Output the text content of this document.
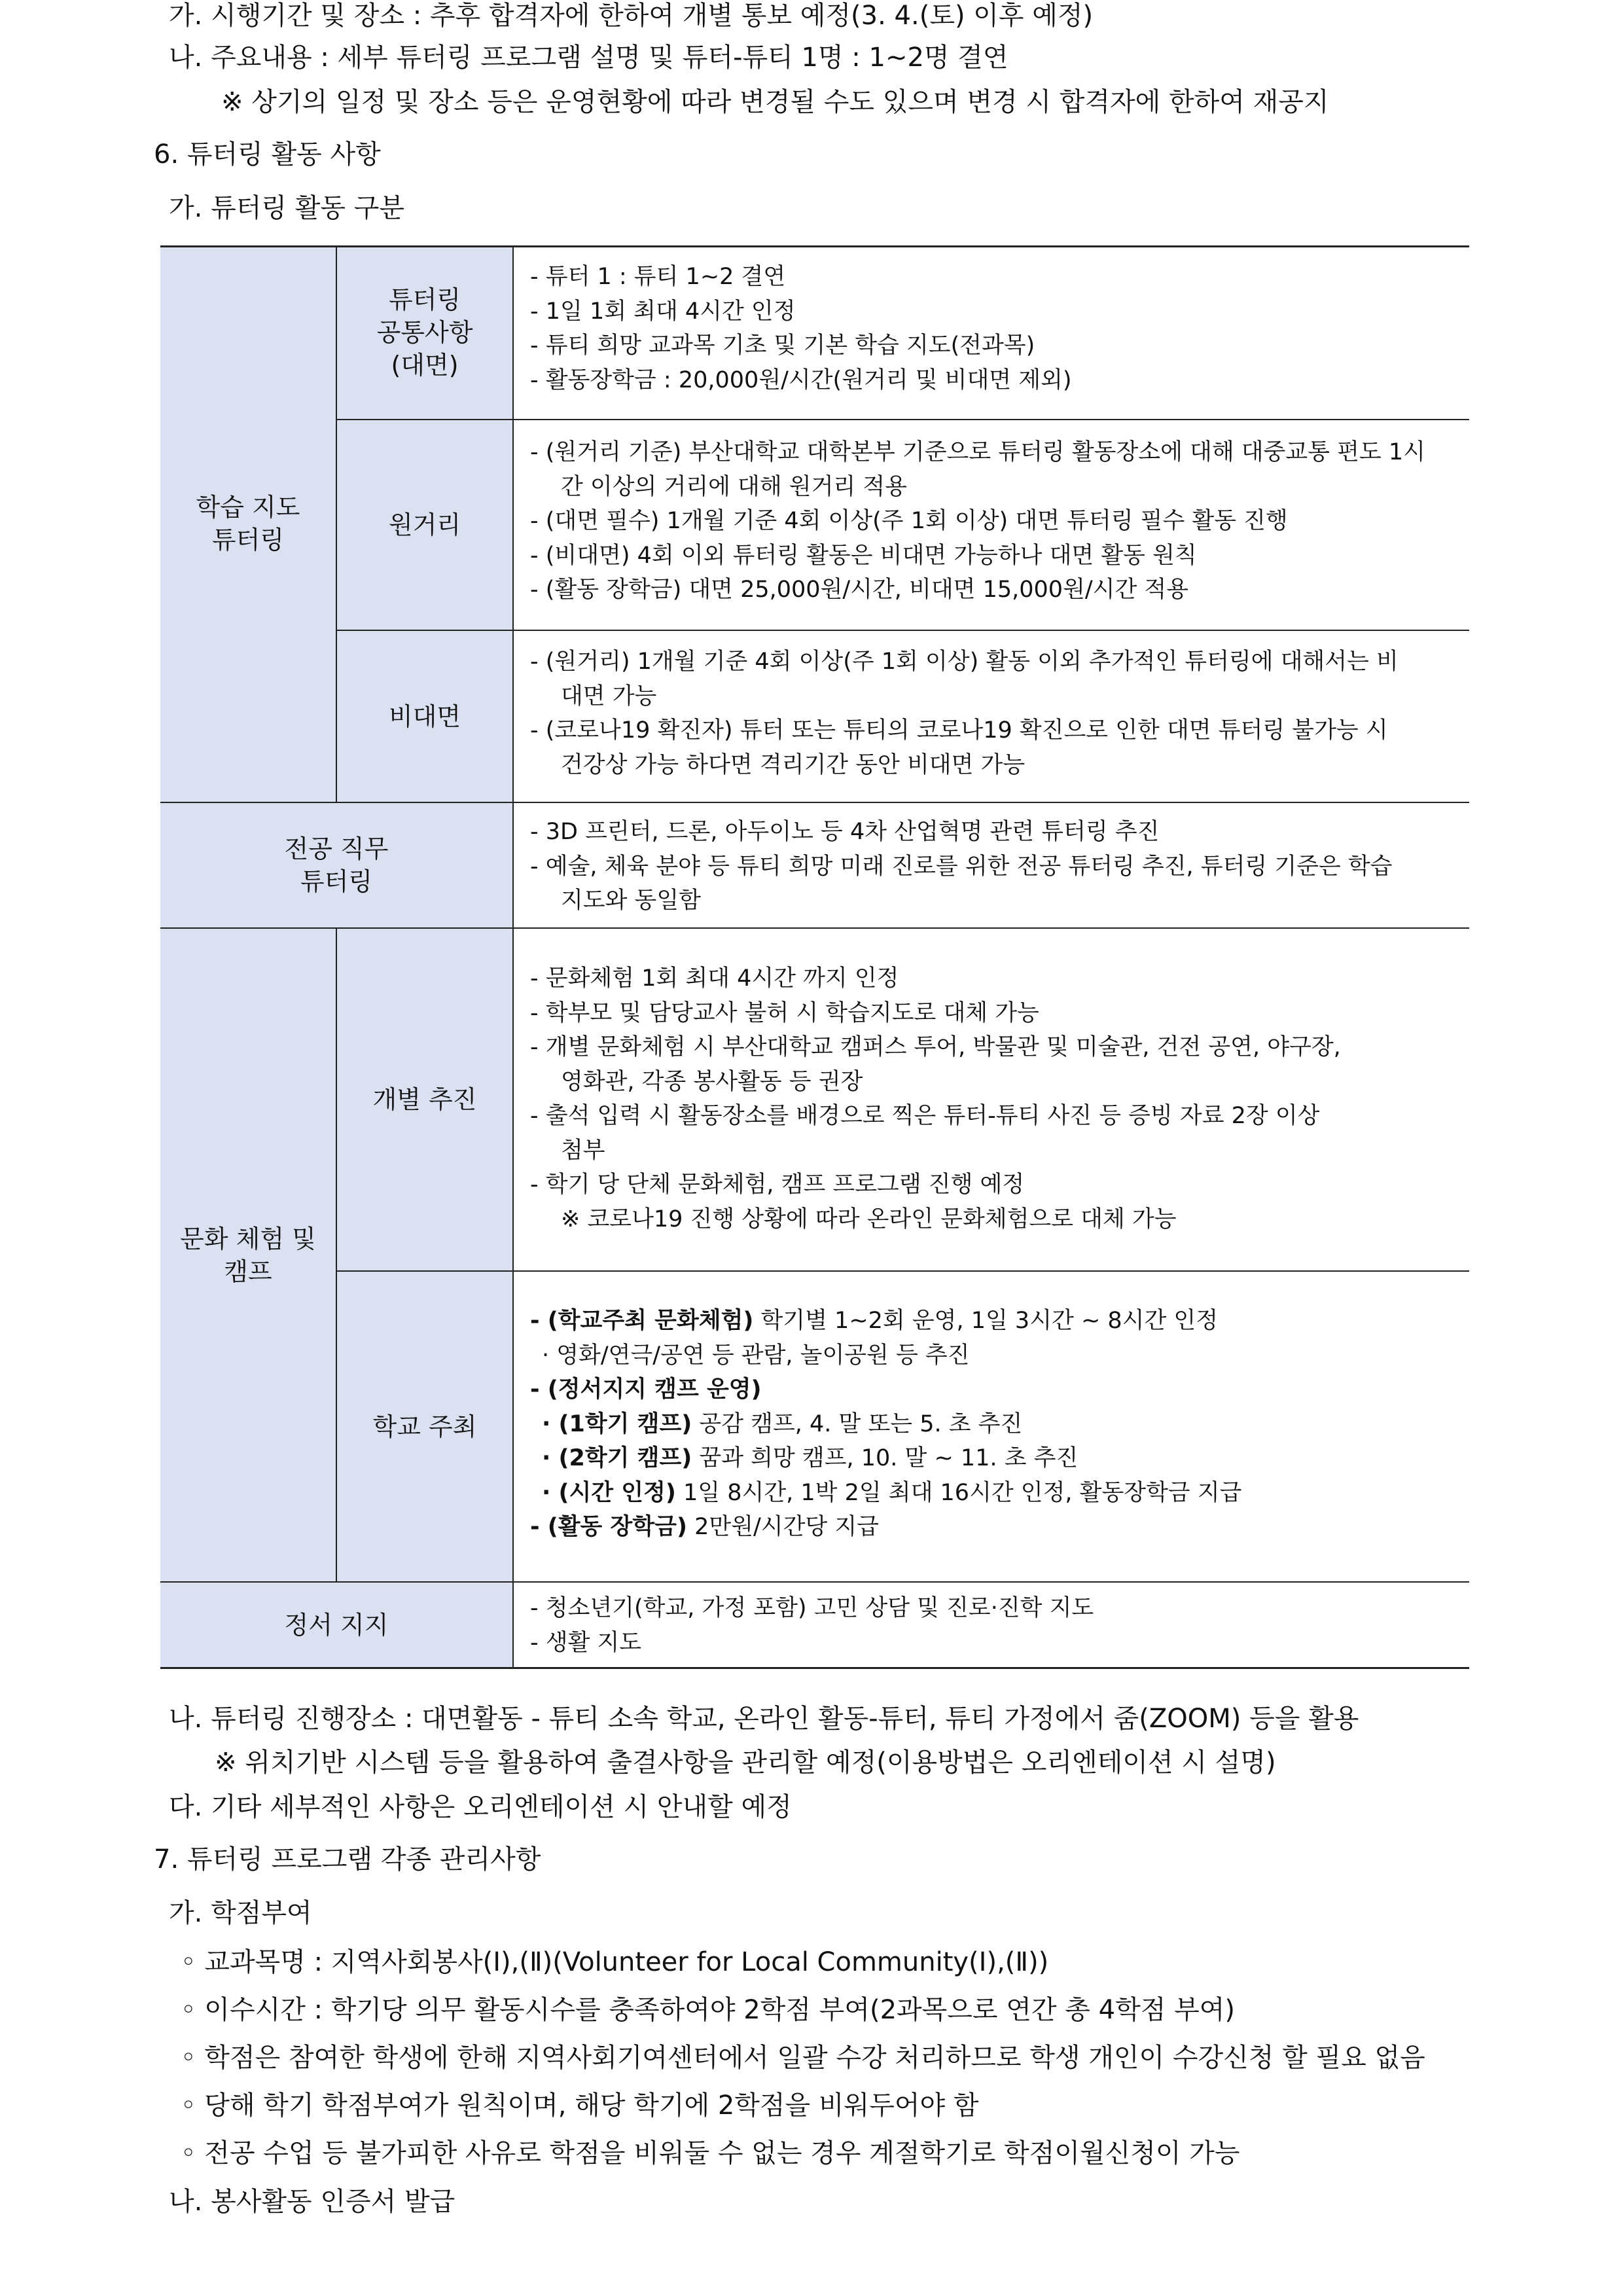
가. 시행기간 및 장소 : 추후 합격자에 한하여 개별 통보 예정(3. 4.(토) 이후 예정)
나. 주요내용 : 세부 튜터링 프로그램 설명 및 튜터-튜티 1명 : 1~2명 결연
※ 상기의 일정 및 장소 등은 운영현황에 따라 변경될 수도 있으며 변경 시 합격자에 한하여 재공지
6. 튜터링 활동 사항
가. 튜터링 활동 구분
학습 지도
튜터링
튜터링
공통사항
(대면)
원거리
비대면
전공 직무
튜터링
문화 체험 및
캠프
개별 추진
학교 주최
정서 지지
- 튜터 1 : 튜티 1~2 결연
- 1일 1회 최대 4시간 인정
- 튜티 희망 교과목 기초 및 기본 학습 지도(전과목)
- 활동장학금 : 20,000원/시간(원거리 및 비대면 제외)
- (원거리 기준) 부산대학교 대학본부 기준으로 튜터링 활동장소에 대해 대중교통 편도 1시
간 이상의 거리에 대해 원거리 적용
- (대면 필수) 1개월 기준 4회 이상(주 1회 이상) 대면 튜터링 필수 활동 진행
- (비대면) 4회 이외 튜터링 활동은 비대면 가능하나 대면 활동 원칙
- (활동 장학금) 대면 25,000원/시간, 비대면 15,000원/시간 적용
- (원거리) 1개월 기준 4회 이상(주 1회 이상) 활동 이외 추가적인 튜터링에 대해서는 비
대면 가능
- (코로나19 확진자) 튜터 또는 튜티의 코로나19 확진으로 인한 대면 튜터링 불가능 시
건강상 가능 하다면 격리기간 동안 비대면 가능
- 3D 프린터, 드론, 아두이노 등 4차 산업혁명 관련 튜터링 추진
- 예술, 체육 분야 등 튜티 희망 미래 진로를 위한 전공 튜터링 추진, 튜터링 기준은 학습
지도와 동일함
- 문화체험 1회 최대 4시간 까지 인정
- 학부모 및 담당교사 불허 시 학습지도로 대체 가능
- 개별 문화체험 시 부산대학교 캠퍼스 투어, 박물관 및 미술관, 건전 공연, 야구장,
영화관, 각종 봉사활동 등 권장
- 출석 입력 시 활동장소를 배경으로 찍은 튜터-튜티 사진 등 증빙 자료 2장 이상
첨부
- 학기 당 단체 문화체험, 캠프 프로그램 진행 예정
※ 코로나19 진행 상황에 따라 온라인 문화체험으로 대체 가능
- (학교주최 문화체험) 학기별 1~2회 운영, 1일 3시간 ~ 8시간 인정
· 영화/연극/공연 등 관람, 놀이공원 등 추진
- (정서지지 캠프 운영)
· (1학기 캠프) 공감 캠프, 4. 말 또는 5. 초 추진
· (2학기 캠프) 꿈과 희망 캠프, 10. 말 ~ 11. 초 추진
· (시간 인정) 1일 8시간, 1박 2일 최대 16시간 인정, 활동장학금 지급
- (활동 장학금) 2만원/시간당 지급
- 청소년기(학교, 가정 포함) 고민 상담 및 진로·진학 지도
- 생활 지도
나. 튜터링 진행장소 : 대면활동 - 튜티 소속 학교, 온라인 활동-튜터, 튜티 가정에서 줌(ZOOM) 등을 활용
※ 위치기반 시스템 등을 활용하여 출결사항을 관리할 예정(이용방법은 오리엔테이션 시 설명)
다. 기타 세부적인 사항은 오리엔테이션 시 안내할 예정
7. 튜터링 프로그램 각종 관리사항
가. 학점부여
◦ 교과목명 : 지역사회봉사(Ⅰ),(Ⅱ)(Volunteer for Local Community(Ⅰ),(Ⅱ))
◦ 이수시간 : 학기당 의무 활동시수를 충족하여야 2학점 부여(2과목으로 연간 총 4학점 부여)
◦ 학점은 참여한 학생에 한해 지역사회기여센터에서 일괄 수강 처리하므로 학생 개인이 수강신청 할 필요 없음
◦ 당해 학기 학점부여가 원칙이며, 해당 학기에 2학점을 비워두어야 함
◦ 전공 수업 등 불가피한 사유로 학점을 비워둘 수 없는 경우 계절학기로 학점이월신청이 가능
나. 봉사활동 인증서 발급
